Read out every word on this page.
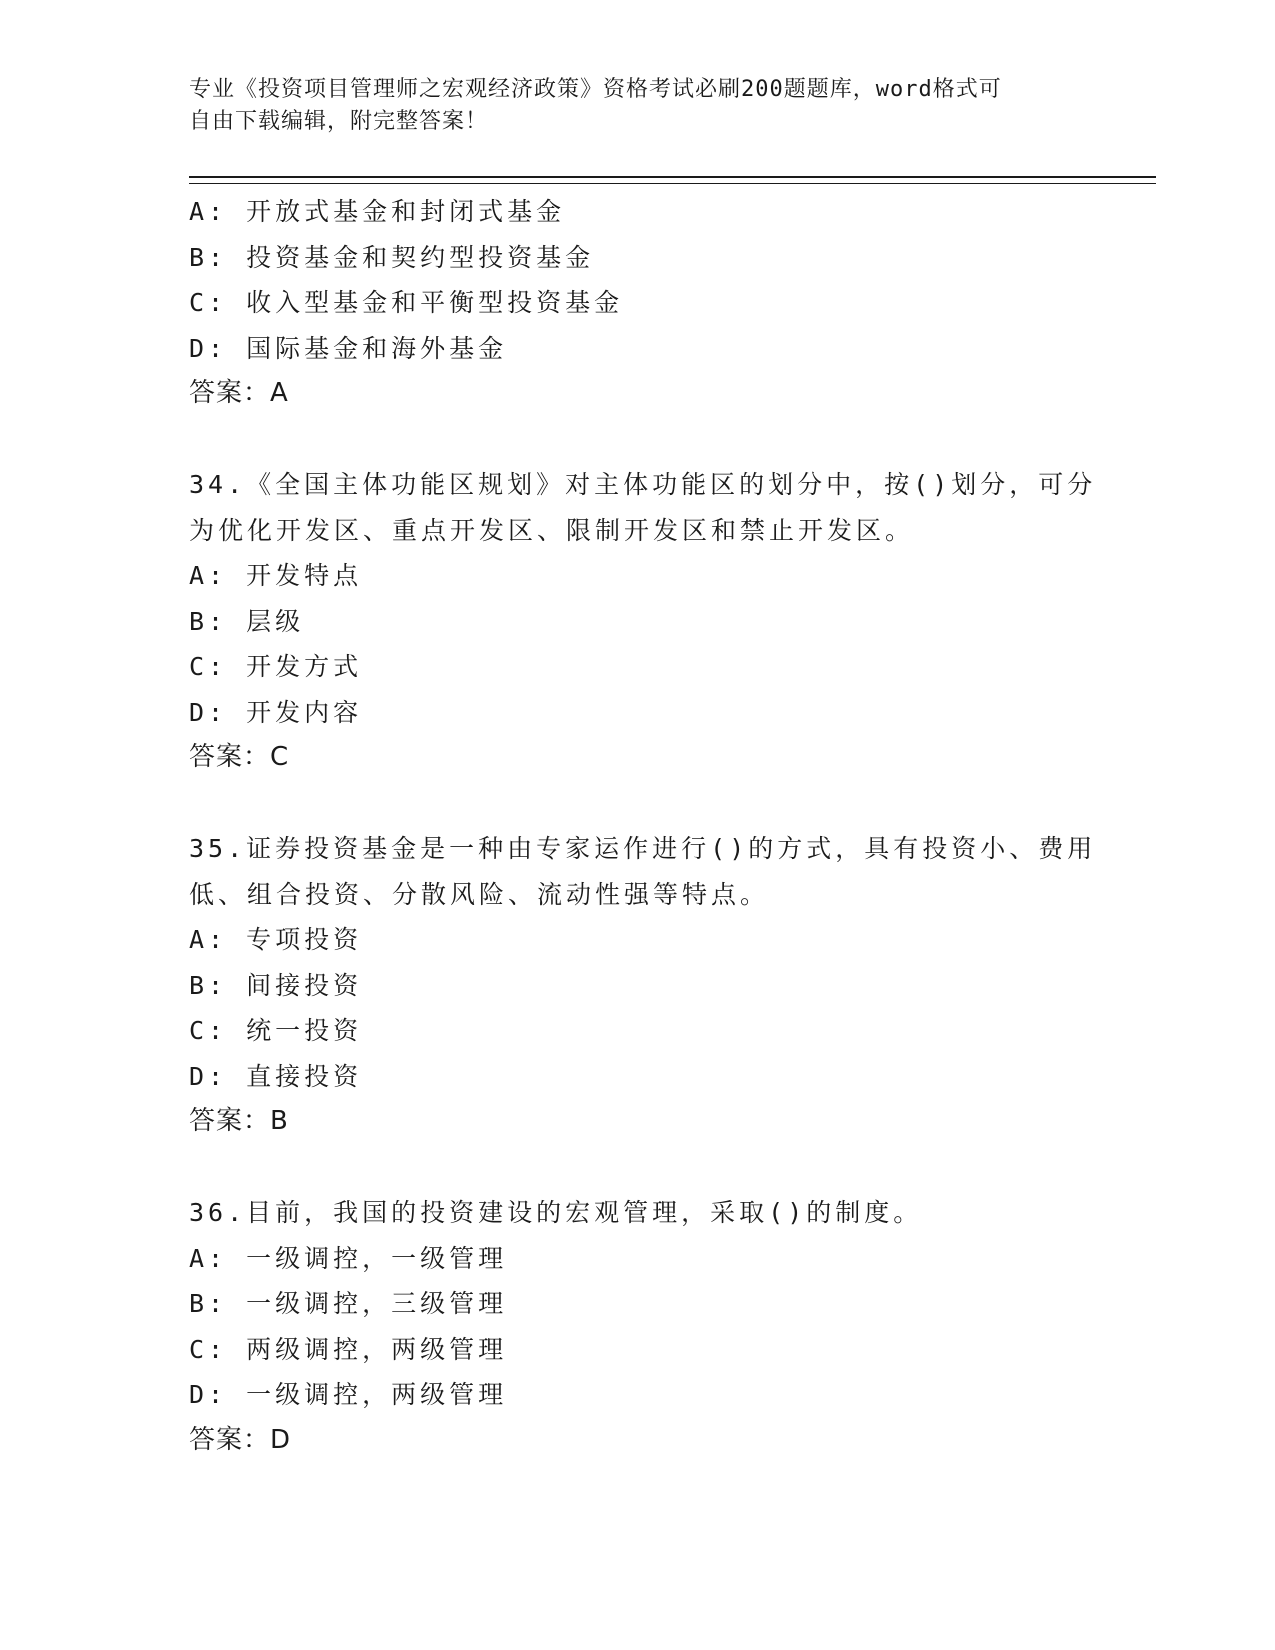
专业《投资项目管理师之宏观经济政策》资格考试必刷200题题库，word格式可
自由下载编辑，附完整答案！
A: 开放式基金和封闭式基金
B: 投资基金和契约型投资基金
C: 收入型基金和平衡型投资基金
D: 国际基金和海外基金
答案：A
34.《全国主体功能区规划》对主体功能区的划分中，按()划分，可分
为优化开发区、重点开发区、限制开发区和禁止开发区。
A: 开发特点
B: 层级
C: 开发方式
D: 开发内容
答案：C
35.证券投资基金是一种由专家运作进行()的方式，具有投资小、费用
低、组合投资、分散风险、流动性强等特点。
A: 专项投资
B: 间接投资
C: 统一投资
D: 直接投资
答案：B
36.目前，我国的投资建设的宏观管理，采取()的制度。
A: 一级调控，一级管理
B: 一级调控，三级管理
C: 两级调控，两级管理
D: 一级调控，两级管理
答案：D
